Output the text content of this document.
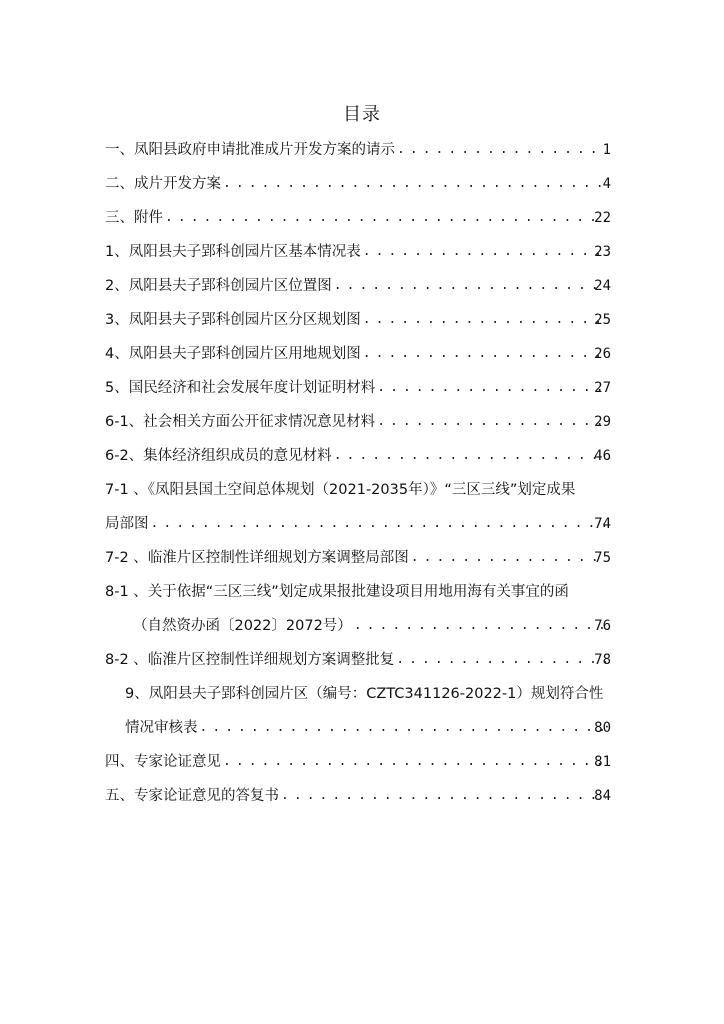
目录
一、凤阳县政府申请批准成片开发方案的请示 . . .	1
二、成片开发方案 . . .	4
三、附件 . . .	22
1、凤阳县夫子郢科创园片区基本情况表 . . .	23
2、凤阳县夫子郢科创园片区位置图 . . .	24
3、凤阳县夫子郢科创园片区分区规划图 . . .	25
4、凤阳县夫子郢科创园片区用地规划图 . . .	26
5、国民经济和社会发展年度计划证明材料 . . .	27
6-1、社会相关方面公开征求情况意见材料 . . .	29
6-2、集体经济组织成员的意见材料 . . .	46
7-1 、《凤阳县国土空间总体规划（2021-2035年）》“三区三线”划定成果
局部图 . . .	74
7-2 、临淮片区控制性详细规划方案调整局部图 . . .	75
8-1 、关于依据“三区三线”划定成果报批建设项目用地用海有关事宜的函
（自然资办函〔2022〕2072号） . . .	76
8-2 、临淮片区控制性详细规划方案调整批复 . . .	78
9、凤阳县夫子郢科创园片区（编号：CZTC341126-2022-1）规划符合性
情况审核表 . . .	80
四、专家论证意见 . . .	81
五、专家论证意见的答复书 . . .	84
